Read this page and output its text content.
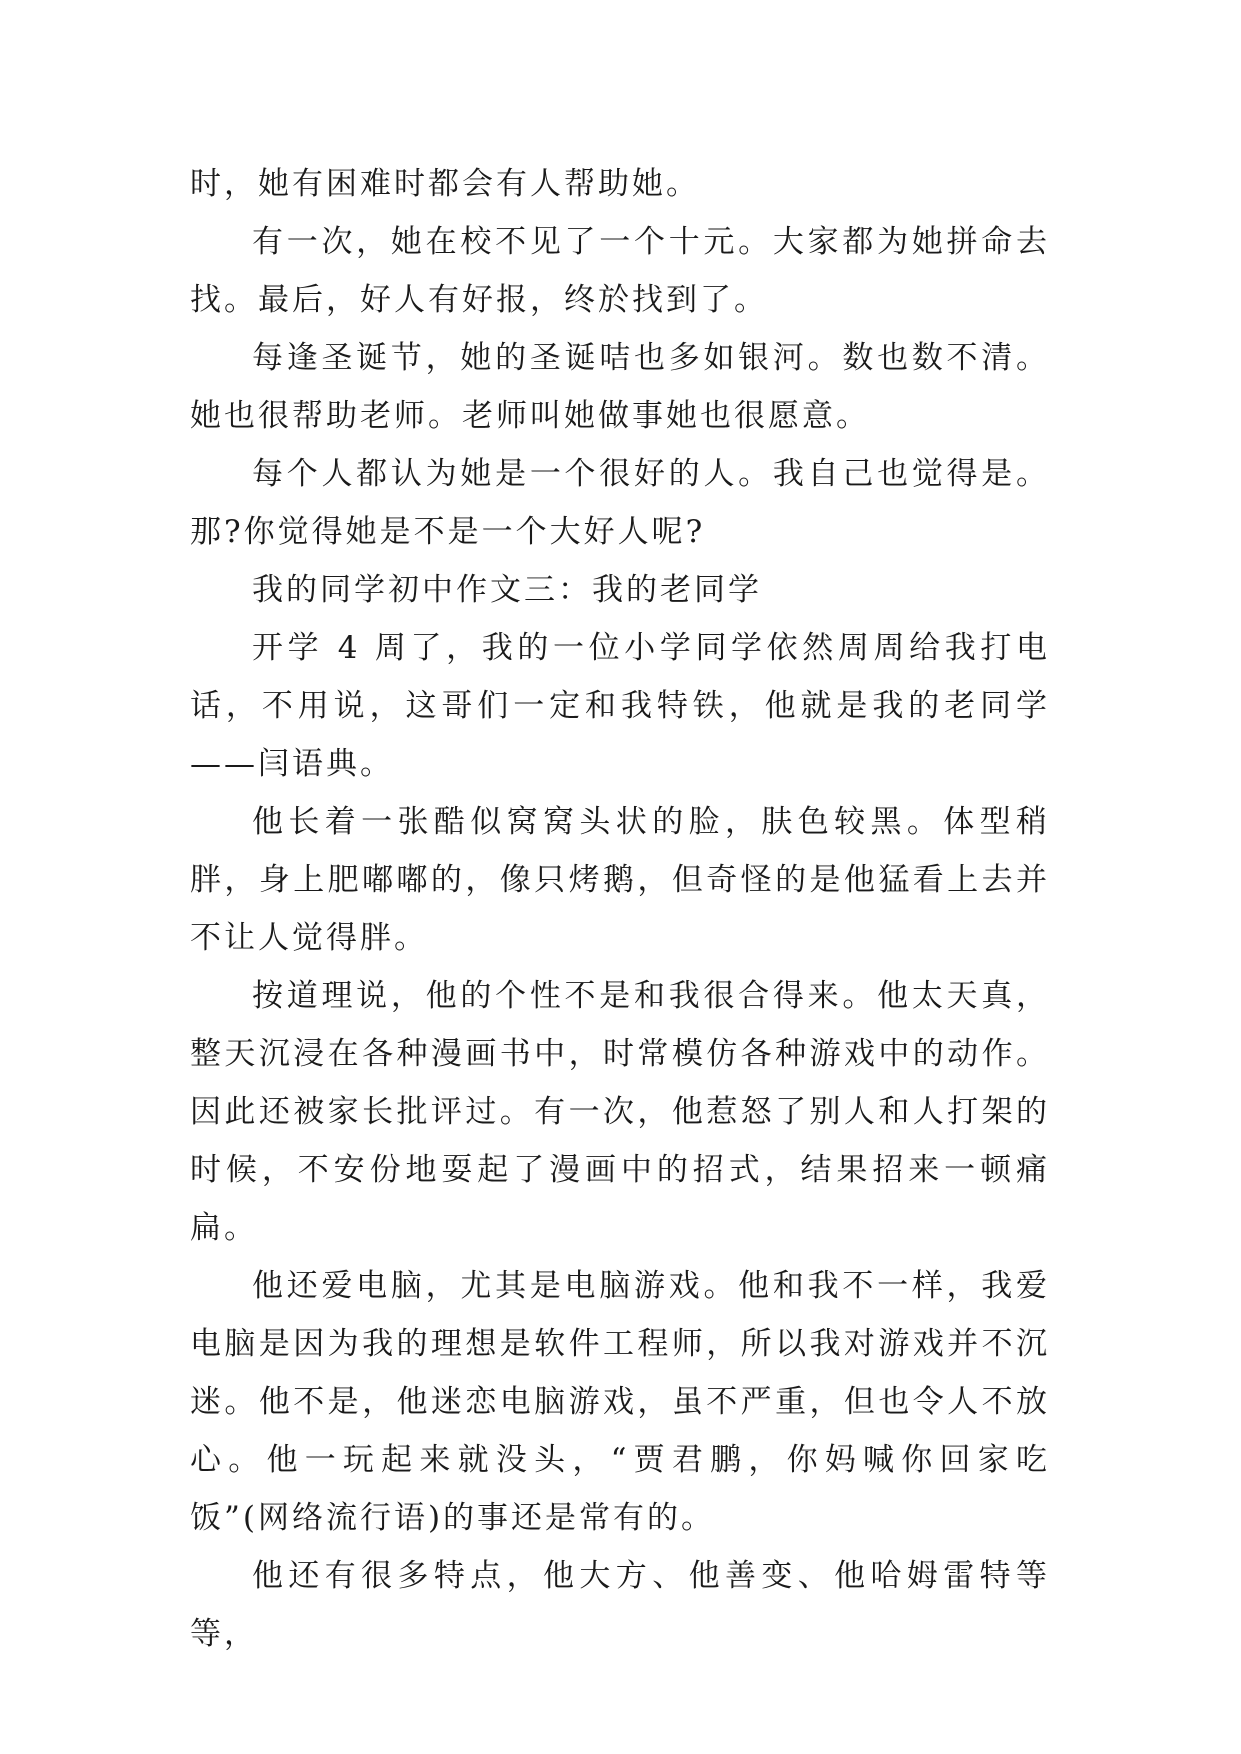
时，她有困难时都会有人帮助她。

有一次，她在校不见了一个十元。大家都为她拼命去找。最后，好人有好报，终於找到了。

每逢圣诞节，她的圣诞咭也多如银河。数也数不清。她也很帮助老师。老师叫她做事她也很愿意。

每个人都认为她是一个很好的人。我自己也觉得是。那?你觉得她是不是一个大好人呢?

我的同学初中作文三：我的老同学

开学 4 周了，我的一位小学同学依然周周给我打电话，不用说，这哥们一定和我特铁，他就是我的老同学——闫语典。

他长着一张酷似窝窝头状的脸，肤色较黑。体型稍胖，身上肥嘟嘟的，像只烤鹅，但奇怪的是他猛看上去并不让人觉得胖。

按道理说，他的个性不是和我很合得来。他太天真，整天沉浸在各种漫画书中，时常模仿各种游戏中的动作。因此还被家长批评过。有一次，他惹怒了别人和人打架的时候，不安份地耍起了漫画中的招式，结果招来一顿痛扁。

他还爱电脑，尤其是电脑游戏。他和我不一样，我爱电脑是因为我的理想是软件工程师，所以我对游戏并不沉迷。他不是，他迷恋电脑游戏，虽不严重，但也令人不放心。他一玩起来就没头，“贾君鹏，你妈喊你回家吃饭”(网络流行语)的事还是常有的。

他还有很多特点，他大方、他善变、他哈姆雷特等等，
